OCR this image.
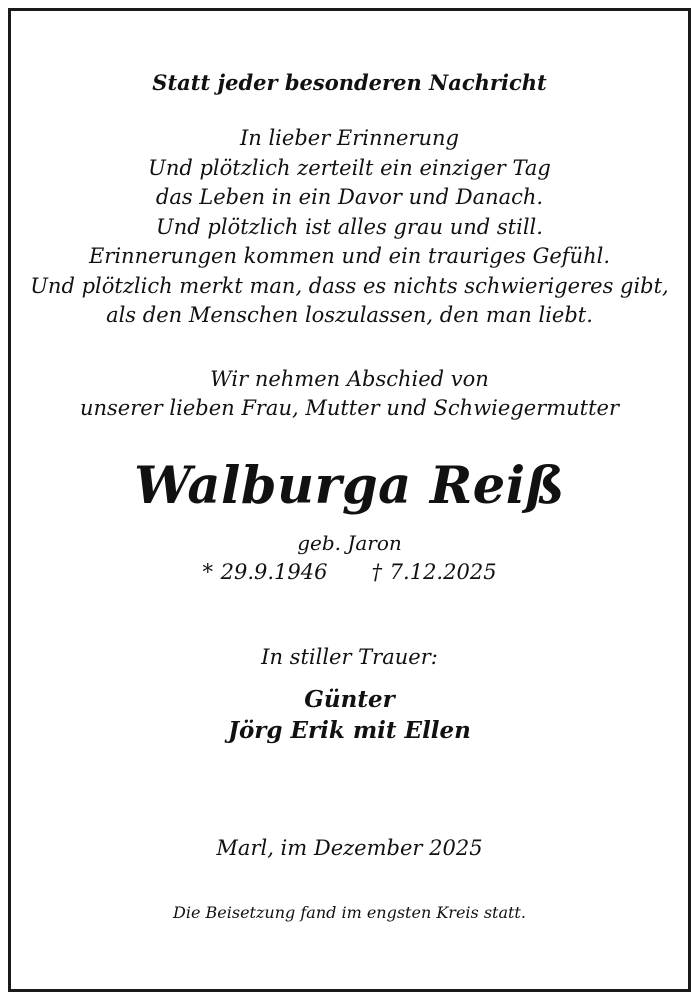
Statt jeder besonderen Nachricht
In lieber Erinnerung
Und plötzlich zerteilt ein einziger Tag
das Leben in ein Davor und Danach.
Und plötzlich ist alles grau und still.
Erinnerungen kommen und ein trauriges Gefühl.
Und plötzlich merkt man, dass es nichts schwierigeres gibt,
als den Menschen loszulassen, den man liebt.
Wir nehmen Abschied von
unserer lieben Frau, Mutter und Schwiegermutter
Walburga Reiß
geb. Jaron
* 29.9.1946 † 7.12.2025
In stiller Trauer:
Günter
Jörg Erik mit Ellen
Marl, im Dezember 2025
Die Beisetzung fand im engsten Kreis statt.
